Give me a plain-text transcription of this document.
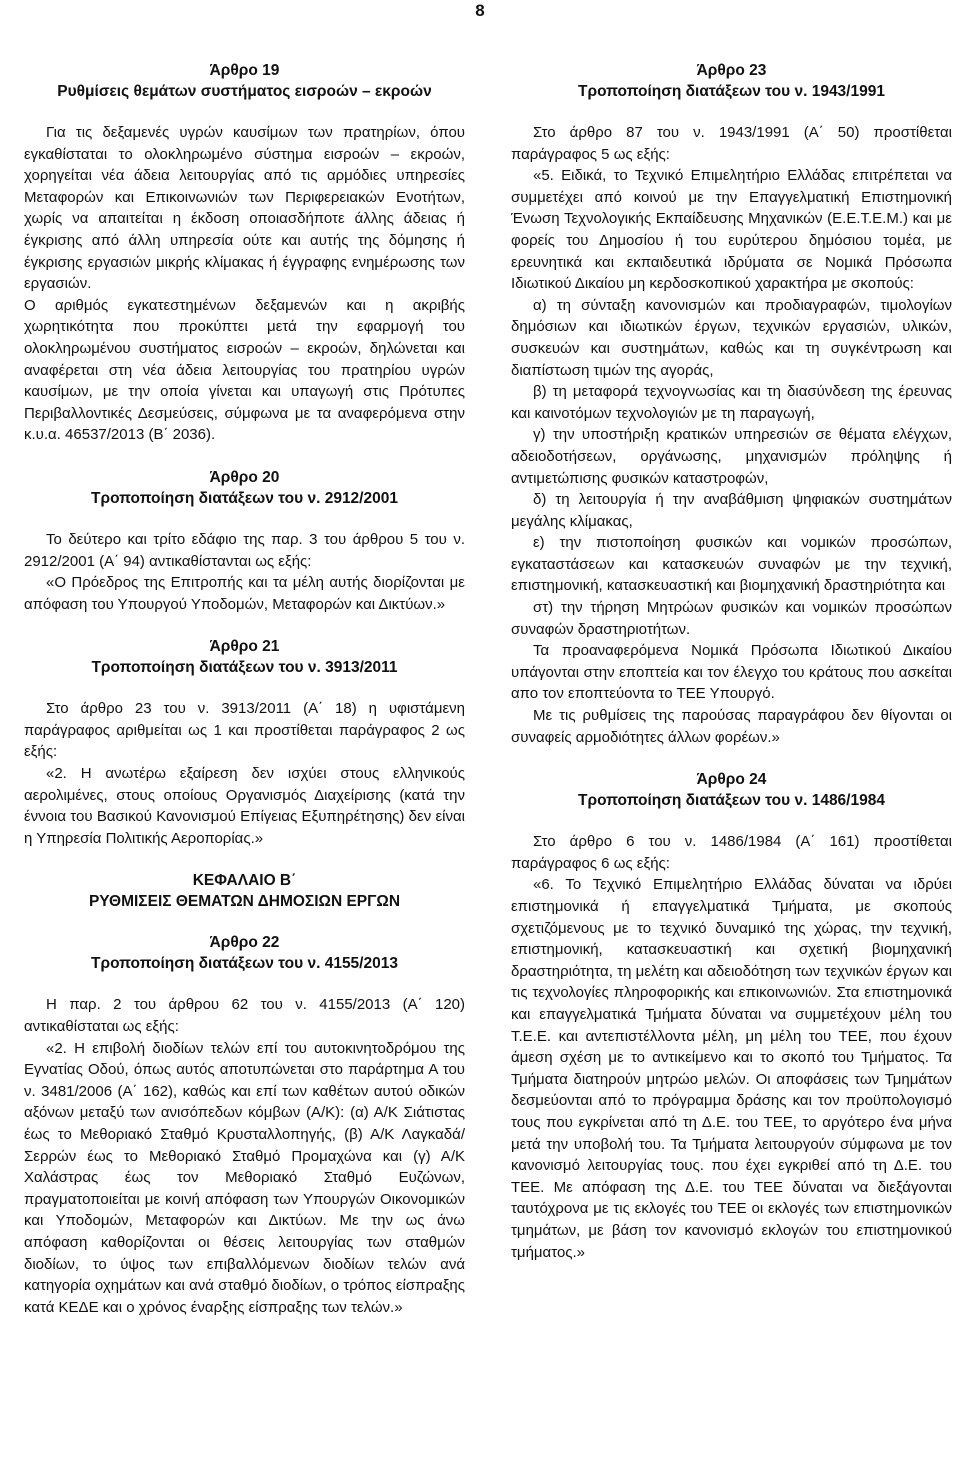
8

Άρθρο 19

Ρυθμίσεις θεμάτων συστήματος εισροών – εκροών

Για τις δεξαμενές υγρών καυσίμων των πρατηρίων, όπου εγκαθίσταται το ολοκληρωμένο σύστημα εισροών – εκροών, χορηγείται νέα άδεια λειτουργίας από τις αρμόδιες υπηρεσίες Μεταφορών και Επικοινωνιών των Περιφερειακών Ενοτήτων, χωρίς να απαιτείται η έκδοση οποιασδήποτε άλλης άδειας ή έγκρισης από άλλη υπηρεσία ούτε και αυτής της δόμησης ή έγκρισης εργασιών μικρής κλίμακας ή έγγραφης ενημέρωσης των εργασιών.

Ο αριθμός εγκατεστημένων δεξαμενών και η ακριβής χωρητικότητα που προκύπτει μετά την εφαρμογή του ολοκληρωμένου συστήματος εισροών – εκροών, δηλώνεται και αναφέρεται στη νέα άδεια λειτουργίας του πρατηρίου υγρών καυσίμων, με την οποία γίνεται και υπαγωγή στις Πρότυπες Περιβαλλοντικές Δεσμεύσεις, σύμφωνα με τα αναφερόμενα στην κ.υ.α. 46537/2013 (Β΄ 2036).

Άρθρο 20

Τροποποίηση διατάξεων του ν. 2912/2001

Το δεύτερο και τρίτο εδάφιο της παρ. 3 του άρθρου 5 του ν. 2912/2001 (Α΄ 94) αντικαθίστανται ως εξής:

«Ο Πρόεδρος της Επιτροπής και τα μέλη αυτής διορίζονται με απόφαση του Υπουργού Υποδομών, Μεταφορών και Δικτύων.»

Άρθρο 21

Τροποποίηση διατάξεων του ν. 3913/2011

Στο άρθρο 23 του ν. 3913/2011 (Α΄ 18) η υφιστάμενη παράγραφος αριθμείται ως 1 και προστίθεται παράγραφος 2 ως εξής:

«2. Η ανωτέρω εξαίρεση δεν ισχύει στους ελληνικούς αερολιμένες, στους οποίους Οργανισμός Διαχείρισης (κατά την έννοια του Βασικού Κανονισμού Επίγειας Εξυπηρέτησης) δεν είναι η Υπηρεσία Πολιτικής Αεροπορίας.»

ΚΕΦΑΛΑΙΟ Β΄

ΡΥΘΜΙΣΕΙΣ ΘΕΜΑΤΩΝ ΔΗΜΟΣΙΩΝ ΕΡΓΩΝ

Άρθρο 22

Τροποποίηση διατάξεων του ν. 4155/2013

Η παρ. 2 του άρθρου 62 του ν. 4155/2013 (Α΄ 120) αντικαθίσταται ως εξής:

«2. Η επιβολή διοδίων τελών επί του αυτοκινητοδρόμου της Εγνατίας Οδού, όπως αυτός αποτυπώνεται στο παράρτημα Α του ν. 3481/2006 (Α΄ 162), καθώς και επί των καθέτων αυτού οδικών αξόνων μεταξύ των ανισόπεδων κόμβων (Α/Κ): (α) Α/Κ Σιάτιστας έως το Μεθοριακό Σταθμό Κρυσταλλοπηγής, (β) Α/Κ Λαγκαδά/Σερρών έως το Μεθοριακό Σταθμό Προμαχώνα και (γ) Α/Κ Χαλάστρας έως τον Μεθοριακό Σταθμό Ευζώνων, πραγματοποιείται με κοινή απόφαση των Υπουργών Οικονομικών και Υποδομών, Μεταφορών και Δικτύων. Με την ως άνω απόφαση καθορίζονται οι θέσεις λειτουργίας των σταθμών διοδίων, το ύψος των επιβαλλόμενων διοδίων τελών ανά κατηγορία οχημάτων και ανά σταθμό διοδίων, ο τρόπος είσπραξης κατά ΚΕΔΕ και ο χρόνος έναρξης είσπραξης των τελών.»

Άρθρο 23

Τροποποίηση διατάξεων του ν. 1943/1991

Στο άρθρο 87 του ν. 1943/1991 (Α΄ 50) προστίθεται παράγραφος 5 ως εξής:

«5. Ειδικά, το Τεχνικό Επιμελητήριο Ελλάδας επιτρέπεται να συμμετέχει από κοινού με την Επαγγελματική Επιστημονική Ένωση Τεχνολογικής Εκπαίδευσης Μηχανικών (Ε.Ε.Τ.Ε.Μ.) και με φορείς του Δημοσίου ή του ευρύτερου δημόσιου τομέα, με ερευνητικά και εκπαιδευτικά ιδρύματα σε Νομικά Πρόσωπα Ιδιωτικού Δικαίου μη κερδοσκοπικού χαρακτήρα με σκοπούς:

α) τη σύνταξη κανονισμών και προδιαγραφών, τιμολογίων δημόσιων και ιδιωτικών έργων, τεχνικών εργασιών, υλικών, συσκευών και συστημάτων, καθώς και τη συγκέντρωση και διαπίστωση τιμών της αγοράς,

β) τη μεταφορά τεχνογνωσίας και τη διασύνδεση της έρευνας και καινοτόμων τεχνολογιών με τη παραγωγή,

γ) την υποστήριξη κρατικών υπηρεσιών σε θέματα ελέγχων, αδειοδοτήσεων, οργάνωσης, μηχανισμών πρόληψης ή αντιμετώπισης φυσικών καταστροφών,

δ) τη λειτουργία ή την αναβάθμιση ψηφιακών συστημάτων μεγάλης κλίμακας,

ε) την πιστοποίηση φυσικών και νομικών προσώπων, εγκαταστάσεων και κατασκευών συναφών με την τεχνική, επιστημονική, κατασκευαστική και βιομηχανική δραστηριότητα και

στ) την τήρηση Μητρώων φυσικών και νομικών προσώπων συναφών δραστηριοτήτων.

Τα προαναφερόμενα Νομικά Πρόσωπα Ιδιωτικού Δικαίου υπάγονται στην εποπτεία και τον έλεγχο του κράτους που ασκείται απο τον εποπτεύοντα το ΤΕΕ Υπουργό.

Με τις ρυθμίσεις της παρούσας παραγράφου δεν θίγονται οι συναφείς αρμοδιότητες άλλων φορέων.»

Άρθρο 24

Τροποποίηση διατάξεων του ν. 1486/1984

Στο άρθρο 6 του ν. 1486/1984 (Α΄ 161) προστίθεται παράγραφος 6 ως εξής:

«6. Το Τεχνικό Επιμελητήριο Ελλάδας δύναται να ιδρύει επιστημονικά ή επαγγελματικά Τμήματα, με σκοπούς σχετιζόμενους με το τεχνικό δυναμικό της χώρας, την τεχνική, επιστημονική, κατασκευαστική και σχετική βιομηχανική δραστηριότητα, τη μελέτη και αδειοδότηση των τεχνικών έργων και τις τεχνολογίες πληροφορικής και επικοινωνιών. Στα επιστημονικά και επαγγελματικά Τμήματα δύναται να συμμετέχουν μέλη του Τ.Ε.Ε. και αντεπιστέλλοντα μέλη, μη μέλη του ΤΕΕ, που έχουν άμεση σχέση με το αντικείμενο και το σκοπό του Τμήματος. Τα Τμήματα διατηρούν μητρώο μελών. Οι αποφάσεις των Τμημάτων δεσμεύονται από το πρόγραμμα δράσης και τον προϋπολογισμό τους που εγκρίνεται από τη Δ.Ε. του ΤΕΕ, το αργότερο ένα μήνα μετά την υποβολή του. Τα Τμήματα λειτουργούν σύμφωνα με τον κανονισμό λειτουργίας τους. που έχει εγκριθεί από τη Δ.Ε. του ΤΕΕ. Με απόφαση της Δ.Ε. του ΤΕΕ δύναται να διεξάγονται ταυτόχρονα με τις εκλογές του ΤΕΕ οι εκλογές των επιστημονικών τμημάτων, με βάση τον κανονισμό εκλογών του επιστημονικού τμήματος.»
